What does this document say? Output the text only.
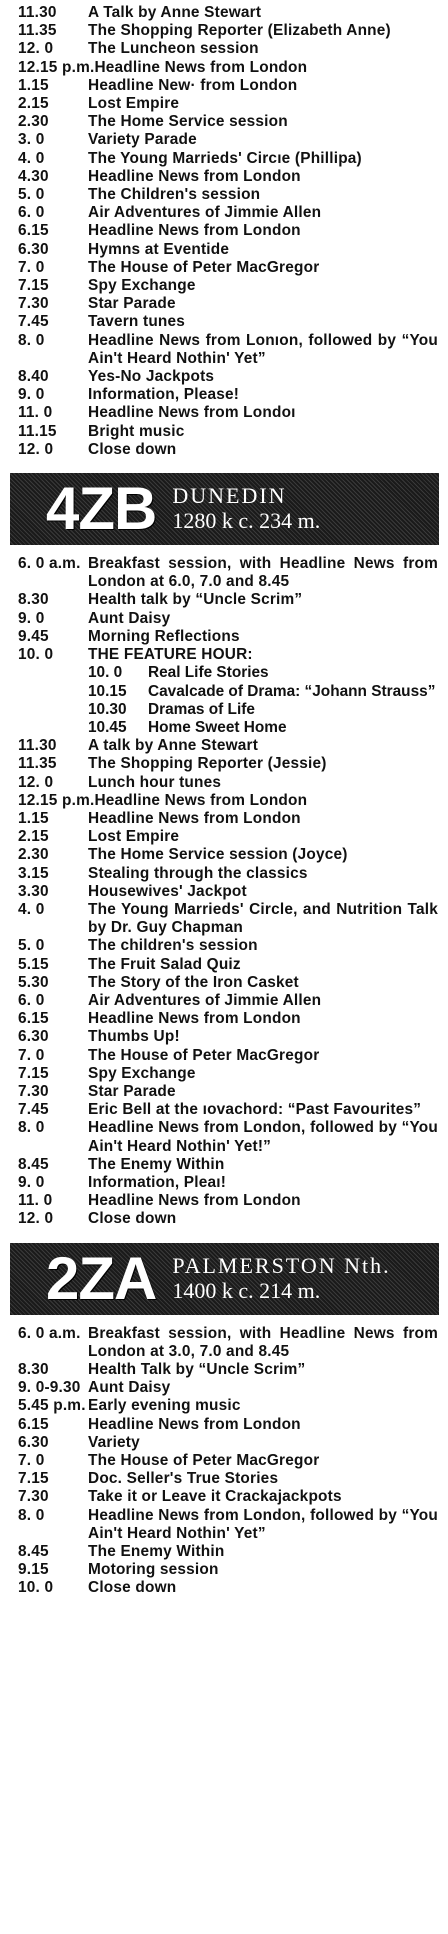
11.30	A Talk by Anne Stewart
11.35	The Shopping Reporter (Elizabeth Anne)
12. 0	The Luncheon session
12.15 p.m. Headline News from London
1.15	Headline New· from London
2.15	Lost Empire
2.30	The Home Service session
3. 0	Variety Parade
4. 0	The Young Marrieds' Circıe (Phillipa)
4.30	Headline News from London
5. 0	The Children's session
6. 0	Air Adventures of Jimmie Allen
6.15	Headline News from London
6.30	Hymns at Eventide
7. 0	The House of Peter MacGregor
7.15	Spy Exchange
7.30	Star Parade
7.45	Tavern tunes
8. 0	Headline News from Lonıon, followed by “You Ain't Heard Nothin' Yet”
8.40	Yes-No Jackpots
9. 0	Information, Please!
11. 0	Headline News from Londoı
11.15	Bright music
12. 0	Close down
4ZB DUNEDIN
1280 k c. 234 m.
6. 0 a.m. Breakfast session, with Headline News from London at 6.0, 7.0 and 8.45
8.30	Health talk by “Uncle Scrim”
9. 0	Aunt Daisy
9.45	Morning Reflections
10. 0	THE FEATURE HOUR:
10. 0	Real Life Stories
10.15	Cavalcade of Drama: “Johann Strauss”
10.30	Dramas of Life
10.45	Home Sweet Home
11.30	A talk by Anne Stewart
11.35	The Shopping Reporter (Jessie)
12. 0	Lunch hour tunes
12.15 p.m. Headline News from London
1.15	Headline News from London
2.15	Lost Empire
2.30	The Home Service session (Joyce)
3.15	Stealing through the classics
3.30	Housewives' Jackpot
4. 0	The Young Marrieds' Circle, and Nutrition Talk by Dr. Guy Chapman
5. 0	The children's session
5.15	The Fruit Salad Quiz
5.30	The Story of the Iron Casket
6. 0	Air Adventures of Jimmie Allen
6.15	Headline News from London
6.30	Thumbs Up!
7. 0	The House of Peter MacGregor
7.15	Spy Exchange
7.30	Star Parade
7.45	Eric Bell at the ıovachord: “Past Favourites”
8. 0	Headline News from London, followed by “You Ain't Heard Nothin' Yet!”
8.45	The Enemy Within
9. 0	Information, Pleaı!
11. 0	Headline News from London
12. 0	Close down
2ZA PALMERSTON Nth.
1400 k c. 214 m.
6. 0 a.m. Breakfast session, with Headline News from London at 3.0, 7.0 and 8.45
8.30	Health Talk by “Uncle Scrim”
9. 0-9.30 Aunt Daisy
5.45 p.m. Early evening music
6.15	Headline News from London
6.30	Variety
7. 0	The House of Peter MacGregor
7.15	Doc. Seller's True Stories
7.30	Take it or Leave it Crackajackpots
8. 0	Headline News from London, followed by “You Ain't Heard Nothin' Yet”
8.45	The Enemy Within
9.15	Motoring session
10. 0	Close down
